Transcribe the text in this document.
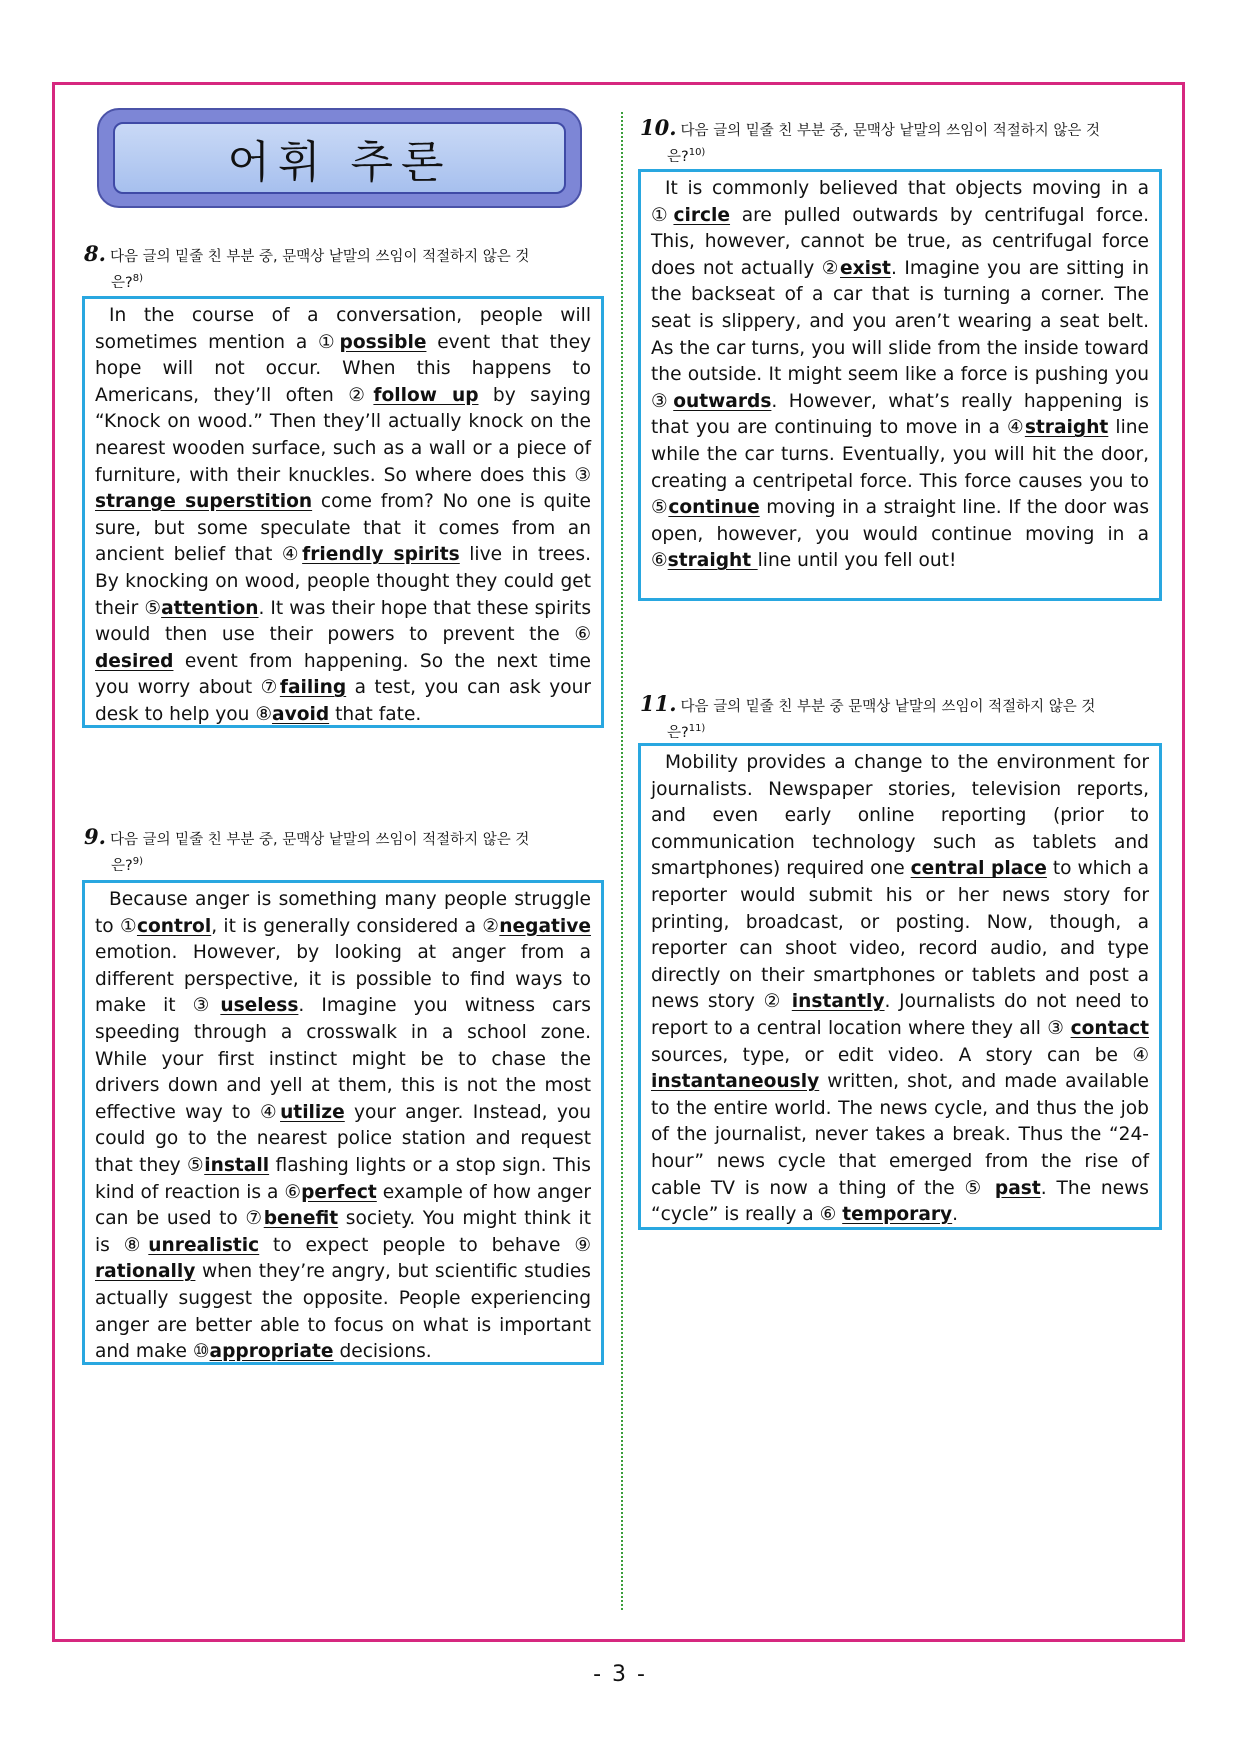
어휘 추론
8. 다음 글의 밑줄 친 부분 중, 문맥상 낱말의 쓰임이 적절하지 않은 것
은?$^{8)}$

In the course of a conversation, people will sometimes mention a ①possible event that they hope will not occur. When this happens to Americans, they’ll often ②follow up by saying “Knock on wood.” Then they’ll actually knock on the nearest wooden surface, such as a wall or a piece of furniture, with their knuckles. So where does this ③ strange superstition come from? No one is quite sure, but some speculate that it comes from an ancient belief that ④friendly spirits live in trees. By knocking on wood, people thought they could get their ⑤attention. It was their hope that these spirits would then use their powers to prevent the ⑥ desired event from happening. So the next time you worry about ⑦failing a test, you can ask your desk to help you ⑧avoid that fate.

9. 다음 글의 밑줄 친 부분 중, 문맥상 낱말의 쓰임이 적절하지 않은 것
은?$^{9)}$

Because anger is something many people struggle to ①control, it is generally considered a ②negative emotion. However, by looking at anger from a different perspective, it is possible to find ways to make it ③useless. Imagine you witness cars speeding through a crosswalk in a school zone. While your first instinct might be to chase the drivers down and yell at them, this is not the most effective way to ④utilize your anger. Instead, you could go to the nearest police station and request that they ⑤install flashing lights or a stop sign. This kind of reaction is a ⑥perfect example of how anger can be used to ⑦benefit society. You might think it is ⑧unrealistic to expect people to behave ⑨ rationally when they’re angry, but scientific studies actually suggest the opposite. People experiencing anger are better able to focus on what is important and make ⑩appropriate decisions.

10. 다음 글의 밑줄 친 부분 중, 문맥상 낱말의 쓰임이 적절하지 않은 것
은?$^{10)}$

It is commonly believed that objects moving in a ①circle are pulled outwards by centrifugal force. This, however, cannot be true, as centrifugal force does not actually ②exist. Imagine you are sitting in the backseat of a car that is turning a corner. The seat is slippery, and you aren’t wearing a seat belt. As the car turns, you will slide from the inside toward the outside. It might seem like a force is pushing you ③outwards. However, what’s really happening is that you are continuing to move in a ④straight line while the car turns. Eventually, you will hit the door, creating a centripetal force. This force causes you to ⑤continue moving in a straight line. If the door was open, however, you would continue moving in a ⑥straight line until you fell out!

11. 다음 글의 밑줄 친 부분 중 문맥상 낱말의 쓰임이 적절하지 않은 것
은?$^{11)}$

Mobility provides a change to the environment for journalists. Newspaper stories, television reports, and even early online reporting (prior to communication technology such as tablets and smartphones) required one central place to which a reporter would submit his or her news story for printing, broadcast, or posting. Now, though, a reporter can shoot video, record audio, and type directly on their smartphones or tablets and post a news story ② instantly. Journalists do not need to report to a central location where they all ③ contact sources, type, or edit video. A story can be ④ instantaneously written, shot, and made available to the entire world. The news cycle, and thus the job of the journalist, never takes a break. Thus the “24-hour” news cycle that emerged from the rise of cable TV is now a thing of the ⑤ past. The news “cycle” is really a ⑥ temporary.

- 3 -
